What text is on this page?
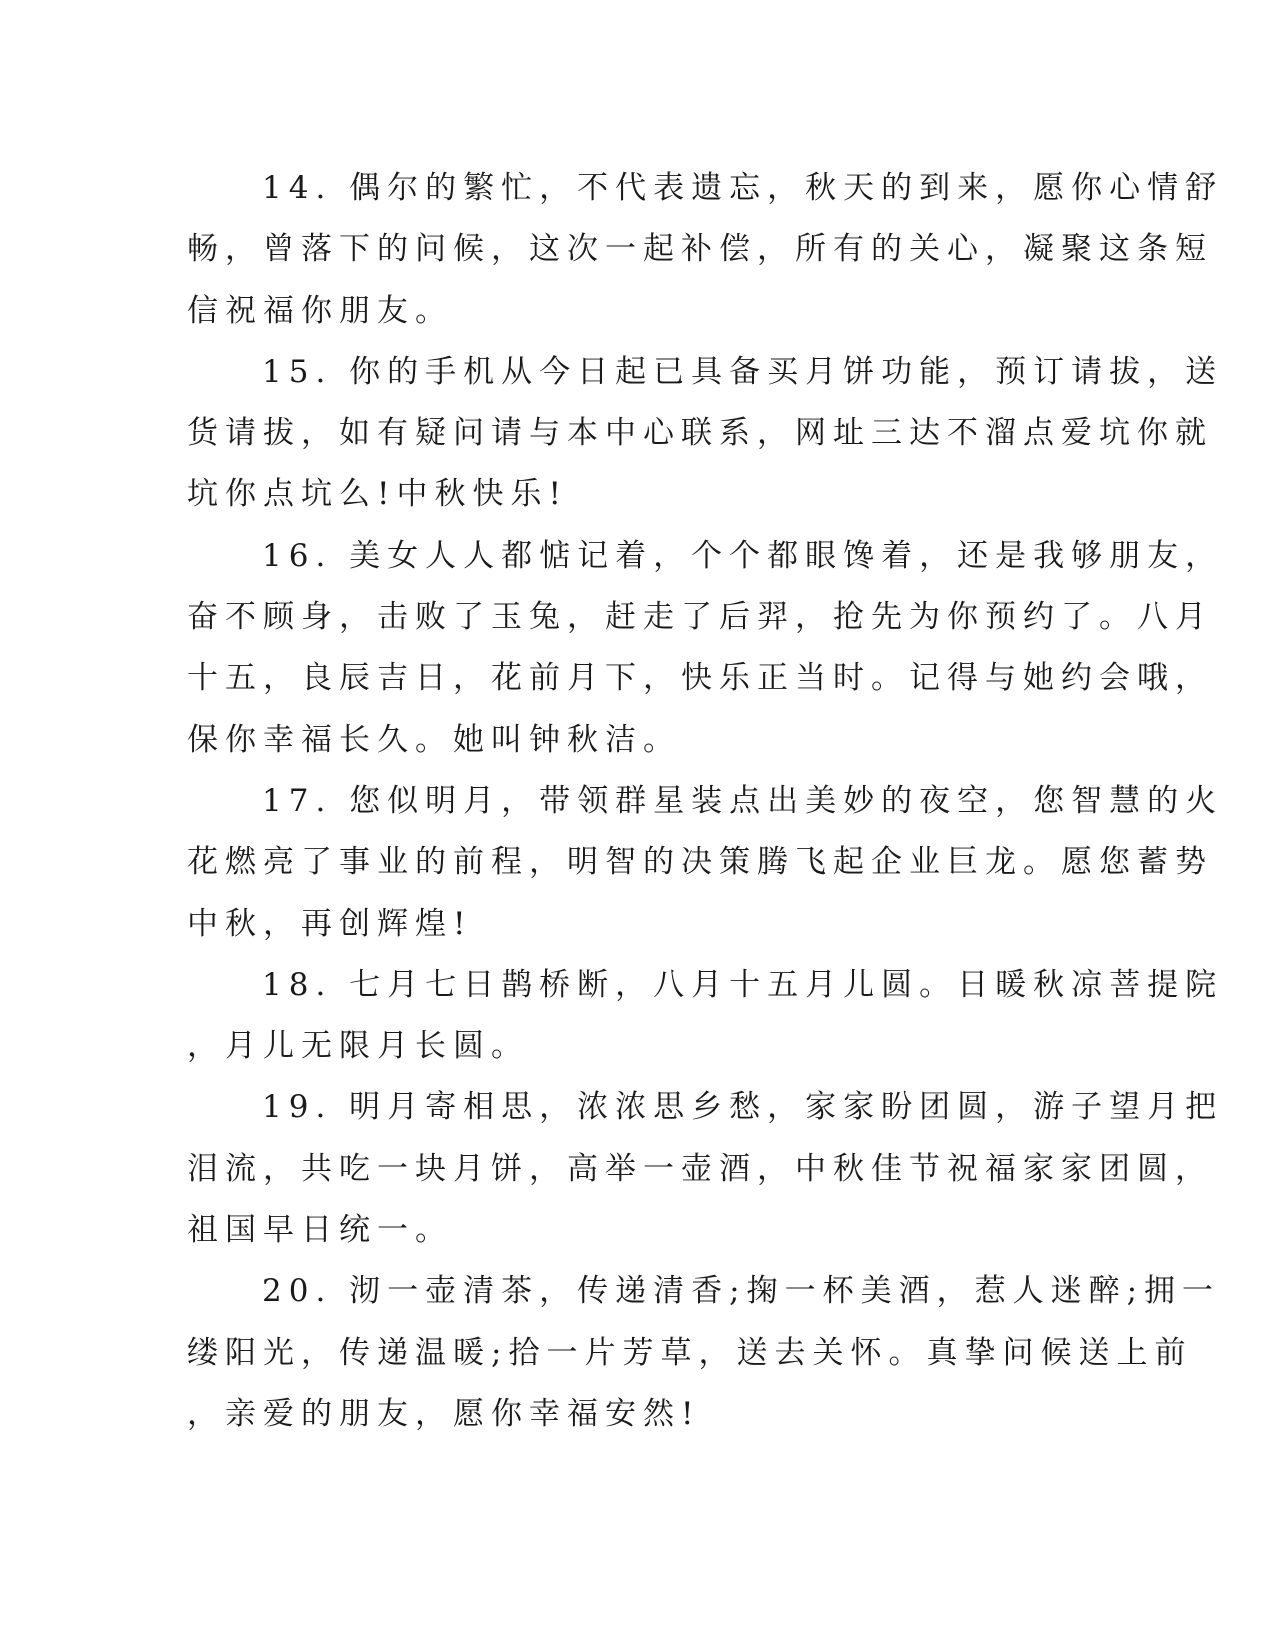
14. 偶尔的繁忙，不代表遗忘，秋天的到来，愿你心情舒
畅，曾落下的问候，这次一起补偿，所有的关心，凝聚这条短
信祝福你朋友。

15. 你的手机从今日起已具备买月饼功能，预订请拔，送
货请拔，如有疑问请与本中心联系，网址三达不溜点爱坑你就
坑你点坑么!中秋快乐!

16. 美女人人都惦记着，个个都眼馋着，还是我够朋友，
奋不顾身，击败了玉兔，赶走了后羿，抢先为你预约了。八月
十五，良辰吉日，花前月下，快乐正当时。记得与她约会哦，
保你幸福长久。她叫钟秋洁。

17. 您似明月，带领群星装点出美妙的夜空，您智慧的火
花燃亮了事业的前程，明智的决策腾飞起企业巨龙。愿您蓄势
中秋，再创辉煌!

18. 七月七日鹊桥断，八月十五月儿圆。日暖秋凉菩提院
，月儿无限月长圆。

19. 明月寄相思，浓浓思乡愁，家家盼团圆，游子望月把
泪流，共吃一块月饼，高举一壶酒，中秋佳节祝福家家团圆，
祖国早日统一。

20. 沏一壶清茶，传递清香;掬一杯美酒，惹人迷醉;拥一
缕阳光，传递温暖;拾一片芳草，送去关怀。真挚问候送上前
，亲爱的朋友，愿你幸福安然!
